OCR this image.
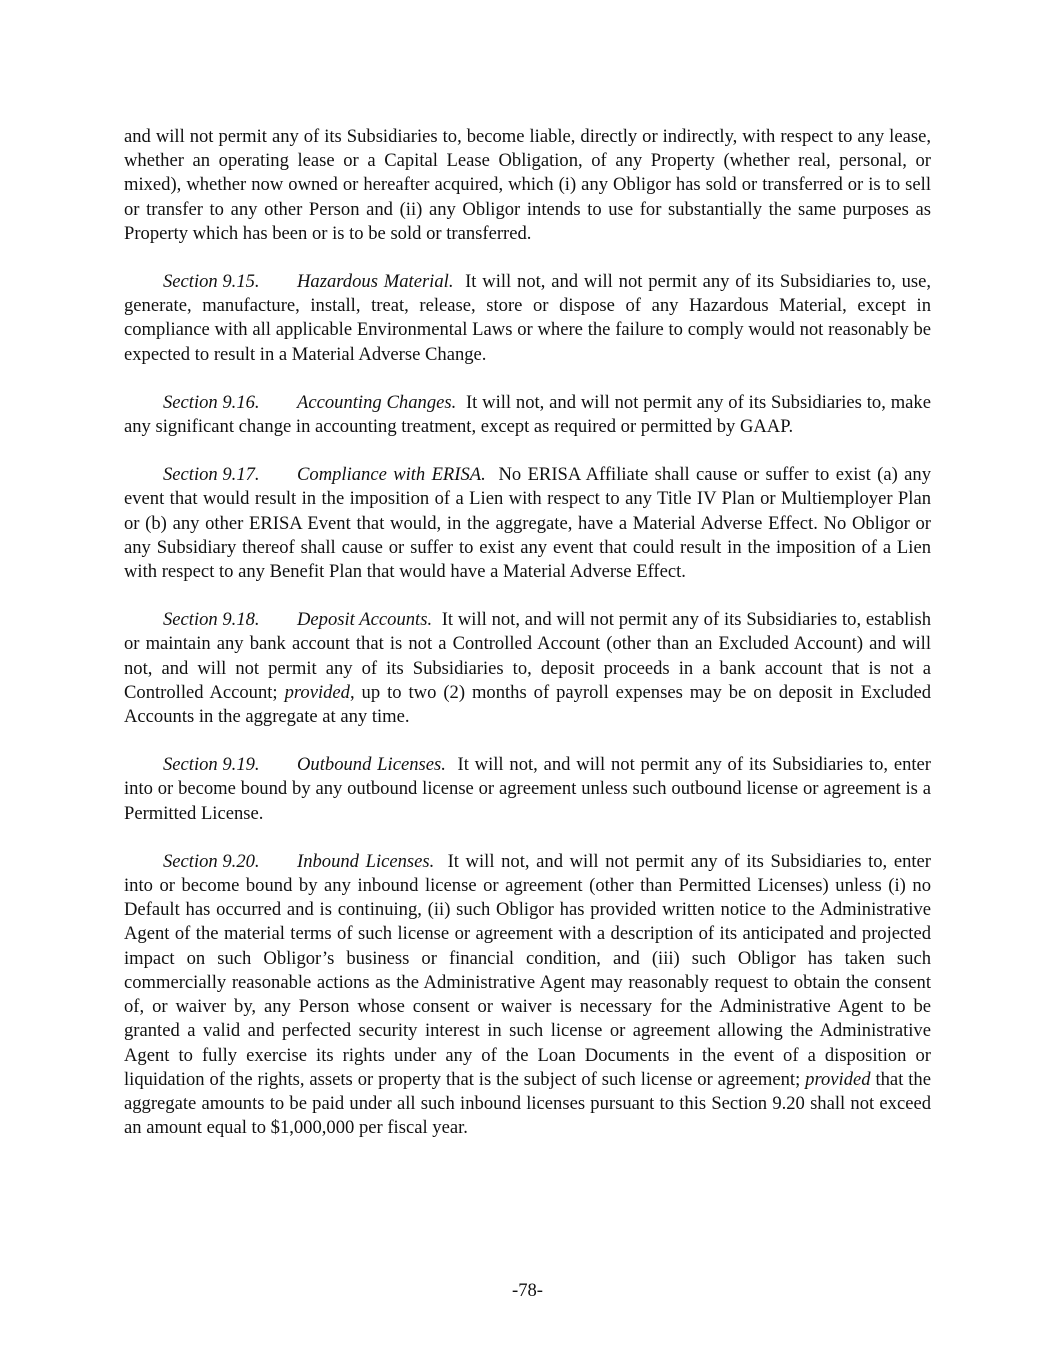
and will not permit any of its Subsidiaries to, become liable, directly or indirectly, with respect to any lease, whether an operating lease or a Capital Lease Obligation, of any Property (whether real, personal, or mixed), whether now owned or hereafter acquired, which (i) any Obligor has sold or transferred or is to sell or transfer to any other Person and (ii) any Obligor intends to use for substantially the same purposes as Property which has been or is to be sold or transferred.

Section 9.15. Hazardous Material. It will not, and will not permit any of its Subsidiaries to, use, generate, manufacture, install, treat, release, store or dispose of any Hazardous Material, except in compliance with all applicable Environmental Laws or where the failure to comply would not reasonably be expected to result in a Material Adverse Change.

Section 9.16. Accounting Changes. It will not, and will not permit any of its Subsidiaries to, make any significant change in accounting treatment, except as required or permitted by GAAP.

Section 9.17. Compliance with ERISA. No ERISA Affiliate shall cause or suffer to exist (a) any event that would result in the imposition of a Lien with respect to any Title IV Plan or Multiemployer Plan or (b) any other ERISA Event that would, in the aggregate, have a Material Adverse Effect. No Obligor or any Subsidiary thereof shall cause or suffer to exist any event that could result in the imposition of a Lien with respect to any Benefit Plan that would have a Material Adverse Effect.

Section 9.18. Deposit Accounts. It will not, and will not permit any of its Subsidiaries to, establish or maintain any bank account that is not a Controlled Account (other than an Excluded Account) and will not, and will not permit any of its Subsidiaries to, deposit proceeds in a bank account that is not a Controlled Account; provided, up to two (2) months of payroll expenses may be on deposit in Excluded Accounts in the aggregate at any time.

Section 9.19. Outbound Licenses. It will not, and will not permit any of its Subsidiaries to, enter into or become bound by any outbound license or agreement unless such outbound license or agreement is a Permitted License.

Section 9.20. Inbound Licenses. It will not, and will not permit any of its Subsidiaries to, enter into or become bound by any inbound license or agreement (other than Permitted Licenses) unless (i) no Default has occurred and is continuing, (ii) such Obligor has provided written notice to the Administrative Agent of the material terms of such license or agreement with a description of its anticipated and projected impact on such Obligor’s business or financial condition, and (iii) such Obligor has taken such commercially reasonable actions as the Administrative Agent may reasonably request to obtain the consent of, or waiver by, any Person whose consent or waiver is necessary for the Administrative Agent to be granted a valid and perfected security interest in such license or agreement allowing the Administrative Agent to fully exercise its rights under any of the Loan Documents in the event of a disposition or liquidation of the rights, assets or property that is the subject of such license or agreement; provided that the aggregate amounts to be paid under all such inbound licenses pursuant to this Section 9.20 shall not exceed an amount equal to $1,000,000 per fiscal year.

-78-
